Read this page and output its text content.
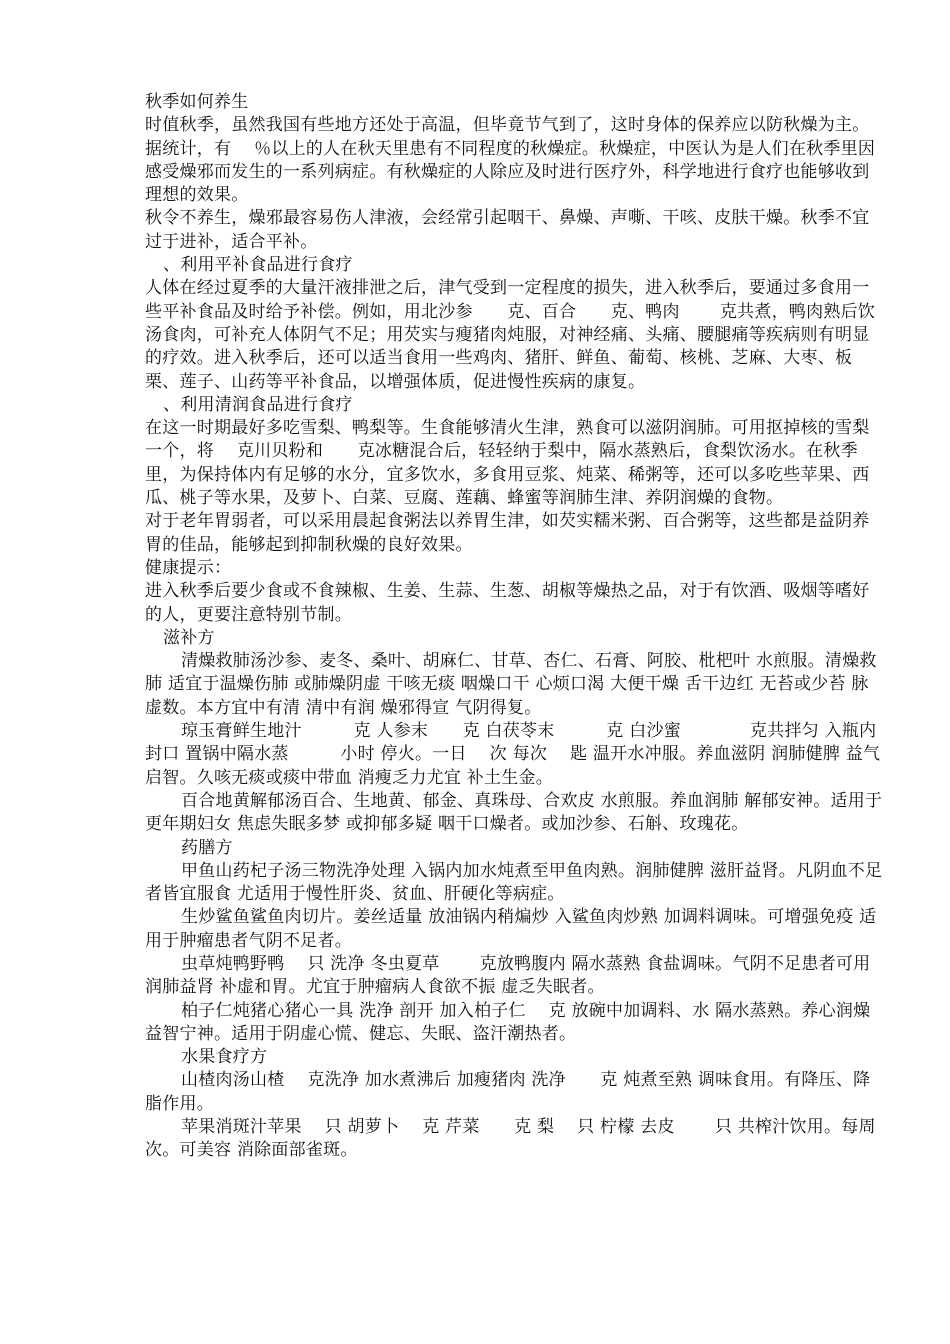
秋季如何养生

时值秋季，虽然我国有些地方还处于高温，但毕竟节气到了，这时身体的保养应以防秋燥为主。据统计，有　 ％以上的人在秋天里患有不同程度的秋燥症。秋燥症，中医认为是人们在秋季里因感受燥邪而发生的一系列病症。有秋燥症的人除应及时进行医疗外，科学地进行食疗也能够收到理想的效果。

秋令不养生，燥邪最容易伤人津液，会经常引起咽干、鼻燥、声嘶、干咳、皮肤干燥。秋季不宜过于进补，适合平补。

、利用平补食品进行食疗

人体在经过夏季的大量汗液排泄之后，津气受到一定程度的损失，进入秋季后，要通过多食用一些平补食品及时给予补偿。例如，用北沙参　　克、百合　　克、鸭肉　　 克共煮，鸭肉熟后饮汤食肉，可补充人体阴气不足；用芡实与瘦猪肉炖服，对神经痛、头痛、腰腿痛等疾病则有明显的疗效。进入秋季后，还可以适当食用一些鸡肉、猪肝、鲜鱼、葡萄、核桃、芝麻、大枣、板栗、莲子、山药等平补食品，以增强体质，促进慢性疾病的康复。

、利用清润食品进行食疗

在这一时期最好多吃雪梨、鸭梨等。生食能够清火生津，熟食可以滋阴润肺。可用抠掉核的雪梨一个，将　 克川贝粉和　　克冰糖混合后，轻轻纳于梨中，隔水蒸熟后，食梨饮汤水。在秋季里，为保持体内有足够的水分，宜多饮水，多食用豆浆、炖菜、稀粥等，还可以多吃些苹果、西瓜、桃子等水果，及萝卜、白菜、豆腐、莲藕、蜂蜜等润肺生津、养阴润燥的食物。

对于老年胃弱者，可以采用晨起食粥法以养胃生津，如芡实糯米粥、百合粥等，这些都是益阴养胃的佳品，能够起到抑制秋燥的良好效果。

健康提示：

进入秋季后要少食或不食辣椒、生姜、生蒜、生葱、胡椒等燥热之品，对于有饮酒、吸烟等嗜好的人，更要注意特别节制。

滋补方

清燥救肺汤沙参、麦冬、桑叶、胡麻仁、甘草、杏仁、石膏、阿胶、枇杷叶 水煎服。清燥救肺 适宜于温燥伤肺 或肺燥阴虚 干咳无痰 咽燥口干 心烦口渴 大便干燥 舌干边红 无苔或少苔 脉虚数。本方宜中有清 清中有润 燥邪得宣 气阴得复。

琼玉膏鲜生地汁　　　克 人参末　　克 白茯苓末　　　克 白沙蜜　　　　克共拌匀 入瓶内 封口 置锅中隔水蒸　　　小时 停火。一日　 次 每次　 匙 温开水冲服。养血滋阴 润肺健脾 益气启智。久咳无痰或痰中带血 消瘦乏力尤宜 补土生金。

百合地黄解郁汤百合、生地黄、郁金、真珠母、合欢皮 水煎服。养血润肺 解郁安神。适用于更年期妇女 焦虑失眠多梦 或抑郁多疑 咽干口燥者。或加沙参、石斛、玫瑰花。

药膳方

甲鱼山药杞子汤三物洗净处理 入锅内加水炖煮至甲鱼肉熟。润肺健脾 滋肝益肾。凡阴血不足者皆宜服食 尤适用于慢性肝炎、贫血、肝硬化等病症。

生炒鲨鱼鲨鱼肉切片。姜丝适量 放油锅内稍煸炒 入鲨鱼肉炒熟 加调料调味。可增强免疫 适用于肿瘤患者气阴不足者。

虫草炖鸭野鸭　 只 洗净 冬虫夏草　　 克放鸭腹内 隔水蒸熟 食盐调味。气阴不足患者可用 润肺益肾 补虚和胃。尤宜于肿瘤病人食欲不振 虚乏失眠者。

柏子仁炖猪心猪心一具 洗净 剖开 加入柏子仁　 克 放碗中加调料、水 隔水蒸熟。养心润燥 益智宁神。适用于阴虚心慌、健忘、失眠、盗汗潮热者。

水果食疗方

山楂肉汤山楂　 克洗净 加水煮沸后 加瘦猪肉 洗净　　克 炖煮至熟 调味食用。有降压、降脂作用。

苹果消斑汁苹果　 只 胡萝卜　 克 芹菜　　克 梨　 只 柠檬 去皮　　 只 共榨汁饮用。每周　　次。可美容 消除面部雀斑。
